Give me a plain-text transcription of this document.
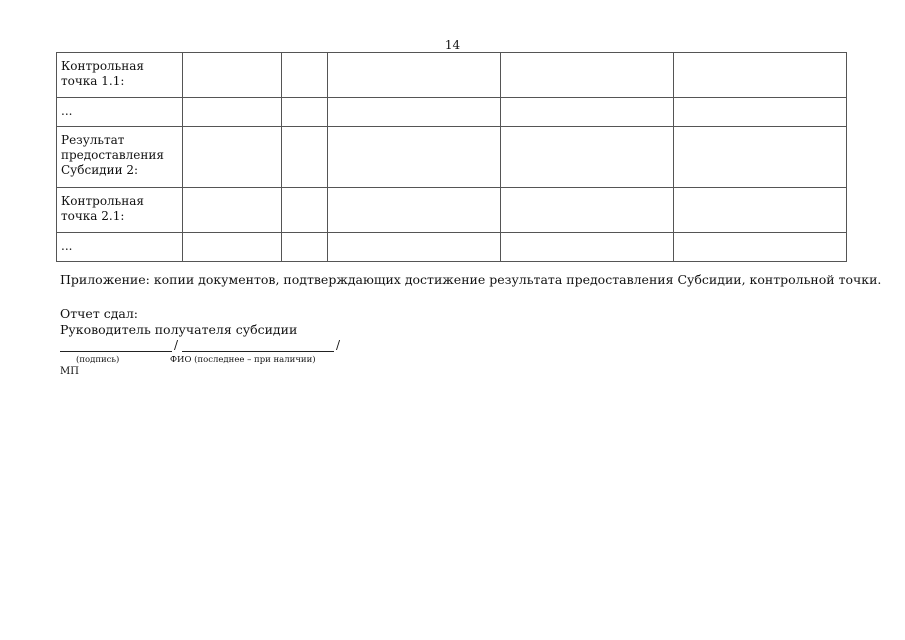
14
Контрольная точка 1.1:					
...					
Результат предоставления Субсидии 2:					
Контрольная точка 2.1:					
...					
Приложение: копии документов, подтверждающих достижение результата предоставления Субсидии, контрольной точки.
Отчет сдал:
Руководитель получателя субсидии
/	/
(подпись)	ФИО (последнее – при наличии)
МП
